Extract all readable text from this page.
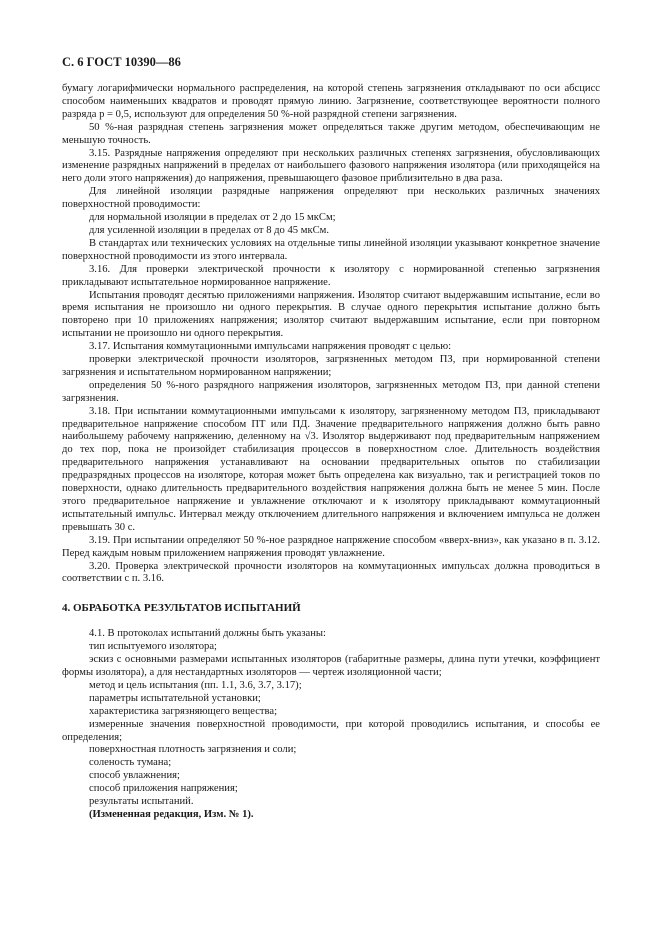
С. 6 ГОСТ 10390—86

бумагу логарифмически нормального распределения, на которой степень загрязнения откладывают по оси абсцисс способом наименьших квадратов и проводят прямую линию. Загрязнение, соответствующее вероятности полного разряда p = 0,5, используют для определения 50 %-ной разрядной степени загрязнения.

50 %-ная разрядная степень загрязнения может определяться также другим методом, обеспечивающим не меньшую точность.

3.15. Разрядные напряжения определяют при нескольких различных степенях загрязнения, обусловливающих изменение разрядных напряжений в пределах от наибольшего фазового напряжения изолятора (или приходящейся на него доли этого напряжения) до напряжения, превышающего фазовое приблизительно в два раза.

Для линейной изоляции разрядные напряжения определяют при нескольких различных значениях поверхностной проводимости:

для нормальной изоляции в пределах от 2 до 15 мкСм;

для усиленной изоляции в пределах от 8 до 45 мкСм.

В стандартах или технических условиях на отдельные типы линейной изоляции указывают конкретное значение поверхностной проводимости из этого интервала.

3.16. Для проверки электрической прочности к изолятору с нормированной степенью загрязнения прикладывают испытательное нормированное напряжение.

Испытания проводят десятью приложениями напряжения. Изолятор считают выдержавшим испытание, если во время испытания не произошло ни одного перекрытия. В случае одного перекрытия испытание должно быть повторено при 10 приложениях напряжения; изолятор считают выдержавшим испытание, если при повторном испытании не произошло ни одного перекрытия.

3.17. Испытания коммутационными импульсами напряжения проводят с целью:

проверки электрической прочности изоляторов, загрязненных методом ПЗ, при нормированной степени загрязнения и испытательном нормированном напряжении;

определения 50 %-ного разрядного напряжения изоляторов, загрязненных методом ПЗ, при данной степени загрязнения.

3.18. При испытании коммутационными импульсами к изолятору, загрязненному методом ПЗ, прикладывают предварительное напряжение способом ПТ или ПД. Значение предварительного напряжения должно быть равно наибольшему рабочему напряжению, деленному на √3. Изолятор выдерживают под предварительным напряжением до тех пор, пока не произойдет стабилизация процессов в поверхностном слое. Длительность воздействия предварительного напряжения устанавливают на основании предварительных опытов по стабилизации предразрядных процессов на изоляторе, которая может быть определена как визуально, так и регистрацией токов по поверхности, однако длительность предварительного воздействия напряжения должна быть не менее 5 мин. После этого предварительное напряжение и увлажнение отключают и к изолятору прикладывают коммутационный испытательный импульс. Интервал между отключением длительного напряжения и включением импульса не должен превышать 30 с.

3.19. При испытании определяют 50 %-ное разрядное напряжение способом «вверх-вниз», как указано в п. 3.12. Перед каждым новым приложением напряжения проводят увлажнение.

3.20. Проверка электрической прочности изоляторов на коммутационных импульсах должна проводиться в соответствии с п. 3.16.

4. ОБРАБОТКА РЕЗУЛЬТАТОВ ИСПЫТАНИЙ

4.1. В протоколах испытаний должны быть указаны:

тип испытуемого изолятора;

эскиз с основными размерами испытанных изоляторов (габаритные размеры, длина пути утечки, коэффициент формы изолятора), а для нестандартных изоляторов — чертеж изоляционной части;

метод и цель испытания (пп. 1.1, 3.6, 3.7, 3.17);

параметры испытательной установки;

характеристика загрязняющего вещества;

измеренные значения поверхностной проводимости, при которой проводились испытания, и способы ее определения;

поверхностная плотность загрязнения и соли;

соленость тумана;

способ увлажнения;

способ приложения напряжения;

результаты испытаний.

(Измененная редакция, Изм. № 1).
